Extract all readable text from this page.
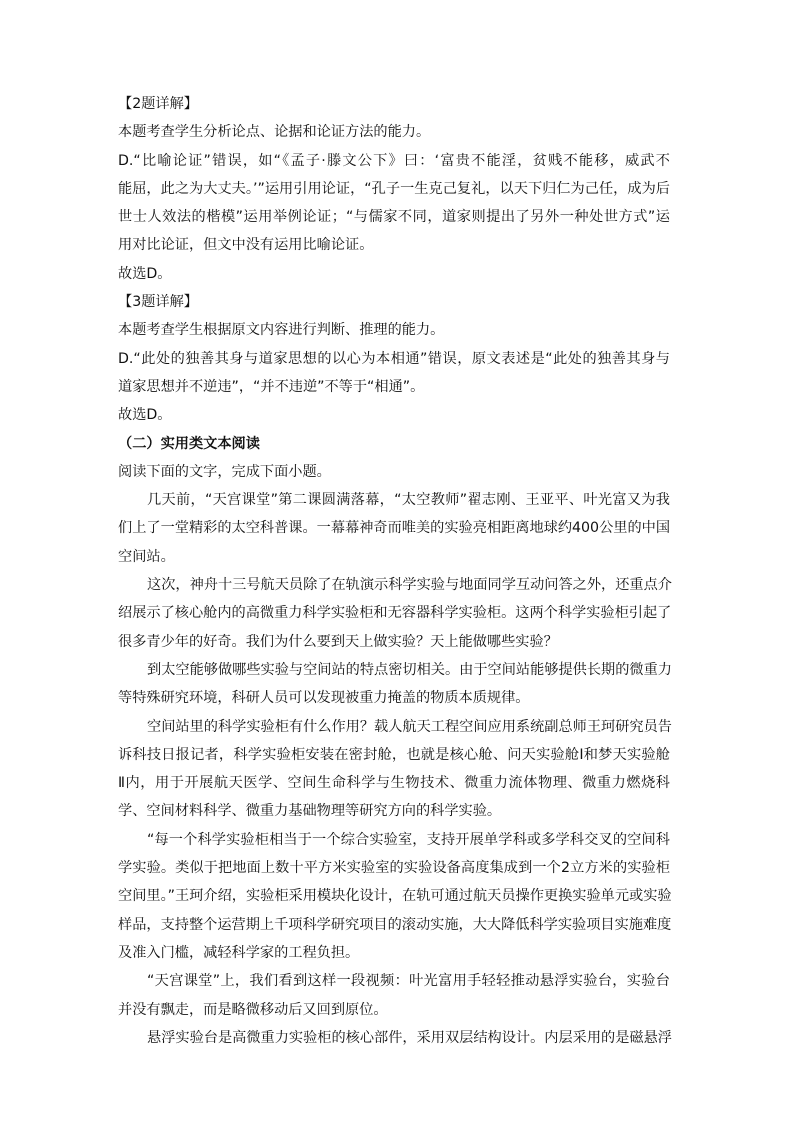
【2题详解】
本题考查学生分析论点、论据和论证方法的能力。
D.“比喻论证”错误，如“《孟子·滕文公下》曰：‘富贵不能淫，贫贱不能移，威武不
能屈，此之为大丈夫。’”运用引用论证，“孔子一生克己复礼，以天下归仁为己任，成为后
世士人效法的楷模”运用举例论证；“与儒家不同，道家则提出了另外一种处世方式”运
用对比论证，但文中没有运用比喻论证。
故选D。
【3题详解】
本题考查学生根据原文内容进行判断、推理的能力。
D.“此处的独善其身与道家思想的以心为本相通”错误，原文表述是“此处的独善其身与
道家思想并不逆违”，“并不违逆”不等于“相通”。
故选D。
（二）实用类文本阅读
阅读下面的文字，完成下面小题。
几天前，“天宫课堂”第二课圆满落幕，“太空教师”翟志刚、王亚平、叶光富又为我
们上了一堂精彩的太空科普课。一幕幕神奇而唯美的实验亮相距离地球约400公里的中国
空间站。
这次，神舟十三号航天员除了在轨演示科学实验与地面同学互动问答之外，还重点介
绍展示了核心舱内的高微重力科学实验柜和无容器科学实验柜。这两个科学实验柜引起了
很多青少年的好奇。我们为什么要到天上做实验？天上能做哪些实验？
到太空能够做哪些实验与空间站的特点密切相关。由于空间站能够提供长期的微重力
等特殊研究环境，科研人员可以发现被重力掩盖的物质本质规律。
空间站里的科学实验柜有什么作用？载人航天工程空间应用系统副总师王珂研究员告
诉科技日报记者，科学实验柜安装在密封舱，也就是核心舱、问天实验舱Ⅰ和梦天实验舱
Ⅱ内，用于开展航天医学、空间生命科学与生物技术、微重力流体物理、微重力燃烧科
学、空间材料科学、微重力基础物理等研究方向的科学实验。
“每一个科学实验柜相当于一个综合实验室，支持开展单学科或多学科交叉的空间科
学实验。类似于把地面上数十平方米实验室的实验设备高度集成到一个2立方米的实验柜
空间里。”王珂介绍，实验柜采用模块化设计，在轨可通过航天员操作更换实验单元或实验
样品，支持整个运营期上千项科学研究项目的滚动实施，大大降低科学实验项目实施难度
及准入门槛，减轻科学家的工程负担。
“天宫课堂”上，我们看到这样一段视频：叶光富用手轻轻推动悬浮实验台，实验台
并没有飘走，而是略微移动后又回到原位。
悬浮实验台是高微重力实验柜的核心部件，采用双层结构设计。内层采用的是磁悬浮
